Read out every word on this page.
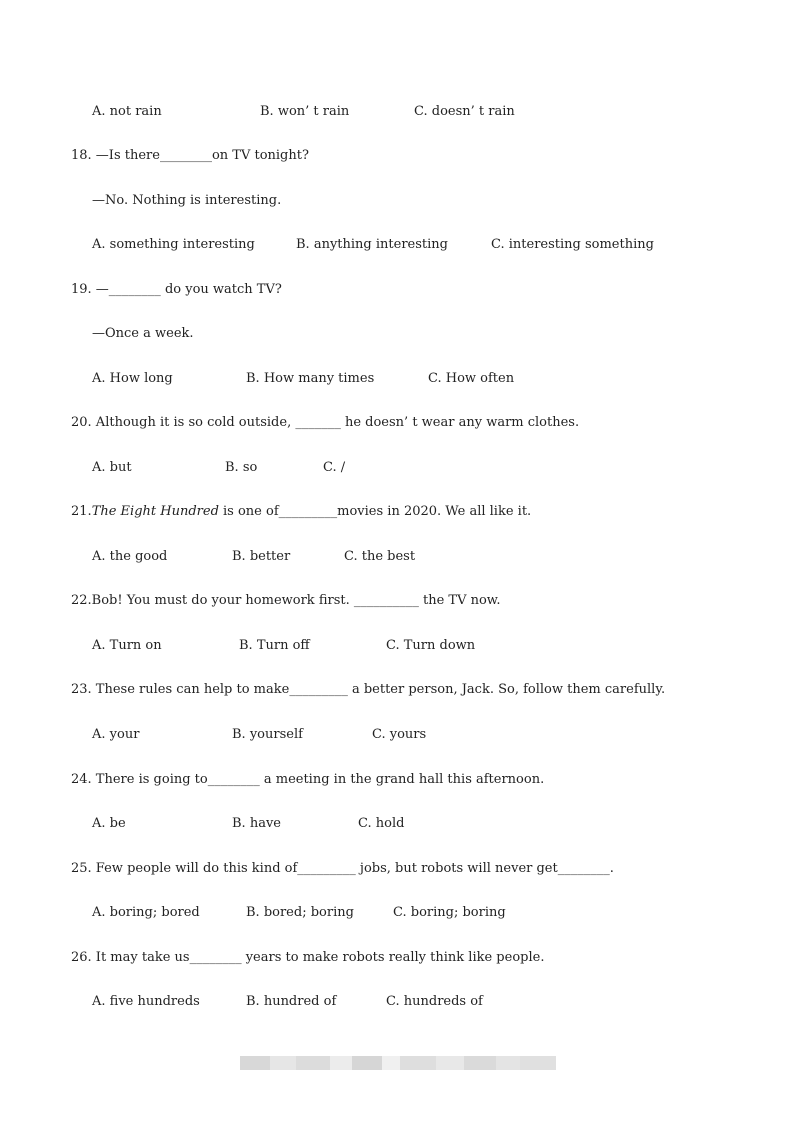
A. not rain	B. won’ t rain	C. doesn’ t rain
18. —Is there________on TV tonight?
—No. Nothing is interesting.
A. something interesting	B. anything interesting	C. interesting something
19. —________ do you watch TV?
—Once a week.
A. How long	B. How many times	C. How often
20. Although it is so cold outside, _______ he doesn’ t wear any warm clothes.
A. but	B. so	C. /
21.The Eight Hundred is one of_________movies in 2020. We all like it.
A. the good	B. better	C. the best
22.Bob! You must do your homework first. __________ the TV now.
A. Turn on	B. Turn off	C. Turn down
23. These rules can help to make_________ a better person, Jack. So, follow them carefully.
A. your	B. yourself	C. yours
24. There is going to________ a meeting in the grand hall this afternoon.
A. be	B. have	C. hold
25. Few people will do this kind of_________ jobs, but robots will never get________.
A. boring; bored	B. bored; boring	C. boring; boring
26. It may take us________ years to make robots really think like people.
A. five hundreds	B. hundred of	C. hundreds of
